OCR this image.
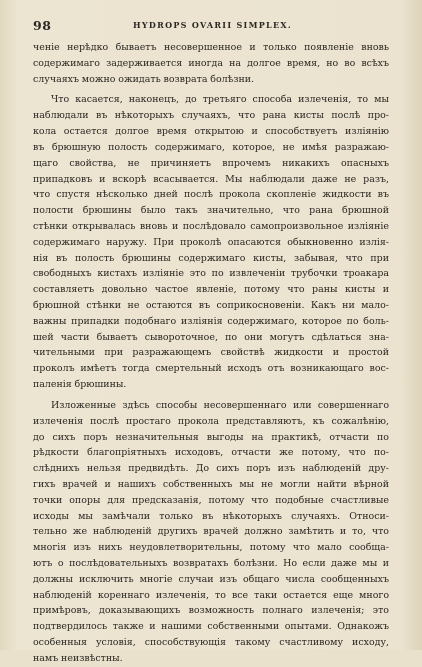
98	HYDROPS OVARII SIMPLEX.
ченіе нерѣдко бываетъ несовершенное и только появленіе вновь
содержимаго задерживается иногда на долгое время, но во всѣхъ
случаяхъ можно ожидать возврата болѣзни.
Что касается, наконецъ, до третьяго способа излеченія, то мы
наблюдали въ нѣкоторыхъ случаяхъ, что рана кисты послѣ про-
кола остается долгое время открытою и способствуетъ изліянію
въ брюшную полость содержимаго, которое, не имѣя разражаю-
щаго свойства, не причиняетъ впрочемъ никакихъ опасныхъ
припадковъ и вскорѣ всасывается. Мы наблюдали даже не разъ,
что спустя нѣсколько дней послѣ прокола скопленіе жидкости въ
полости брюшины было такъ значительно, что рана брюшной
стѣнки открывалась вновь и послѣдовало самопроизвольное изліяніе
содержимаго наружу. При проколѣ опасаются обыкновенно излія-
нія въ полость брюшины содержимаго кисты, забывая, что при
свободныхъ кистахъ изліяніе это по извлеченіи трубочки троакара
составляетъ довольно частое явленіе, потому что раны кисты и
брюшной стѣнки не остаются въ соприкосновеніи. Какъ ни мало-
важны припадки подобнаго изліянія содержимаго, которое по боль-
шей части бываетъ сывороточное, по они могутъ сдѣлаться зна-
чительными при разражающемъ свойствѣ жидкости и простой
проколъ имѣетъ тогда смертельный исходъ отъ возникающаго вос-
паленія брюшины.
Изложенные здѣсь способы несовершеннаго или совершеннаго
излеченія послѣ простаго прокола представляютъ, къ сожалѣнію,
до сихъ поръ незначительныя выгоды на практикѣ, отчасти по
рѣдкости благопріятныхъ исходовъ, отчасти же потому, что по-
слѣднихъ нельзя предвидѣть. До сихъ поръ изъ наблюденій дру-
гихъ врачей и нашихъ собственныхъ мы не могли найти вѣрной
точки опоры для предсказанія, потому что подобные счастливые
исходы мы замѣчали только въ нѣкоторыхъ случаяхъ. Относи-
тельно же наблюденій другихъ врачей должно замѣтить и то, что
многія изъ нихъ неудовлетворительны, потому что мало сообща-
ютъ о послѣдовательныхъ возвратахъ болѣзни. Но если даже мы и
должны исключить многіе случаи изъ общаго числа сообщенныхъ
наблюденій кореннаго излеченія, то все таки остается еще много
примѣровъ, доказывающихъ возможность полнаго излеченія; это
подтвердилось также и нашими собственными опытами. Однакожъ
особенныя условія, способствующія такому счастливому исходу,
намъ неизвѣстны.
